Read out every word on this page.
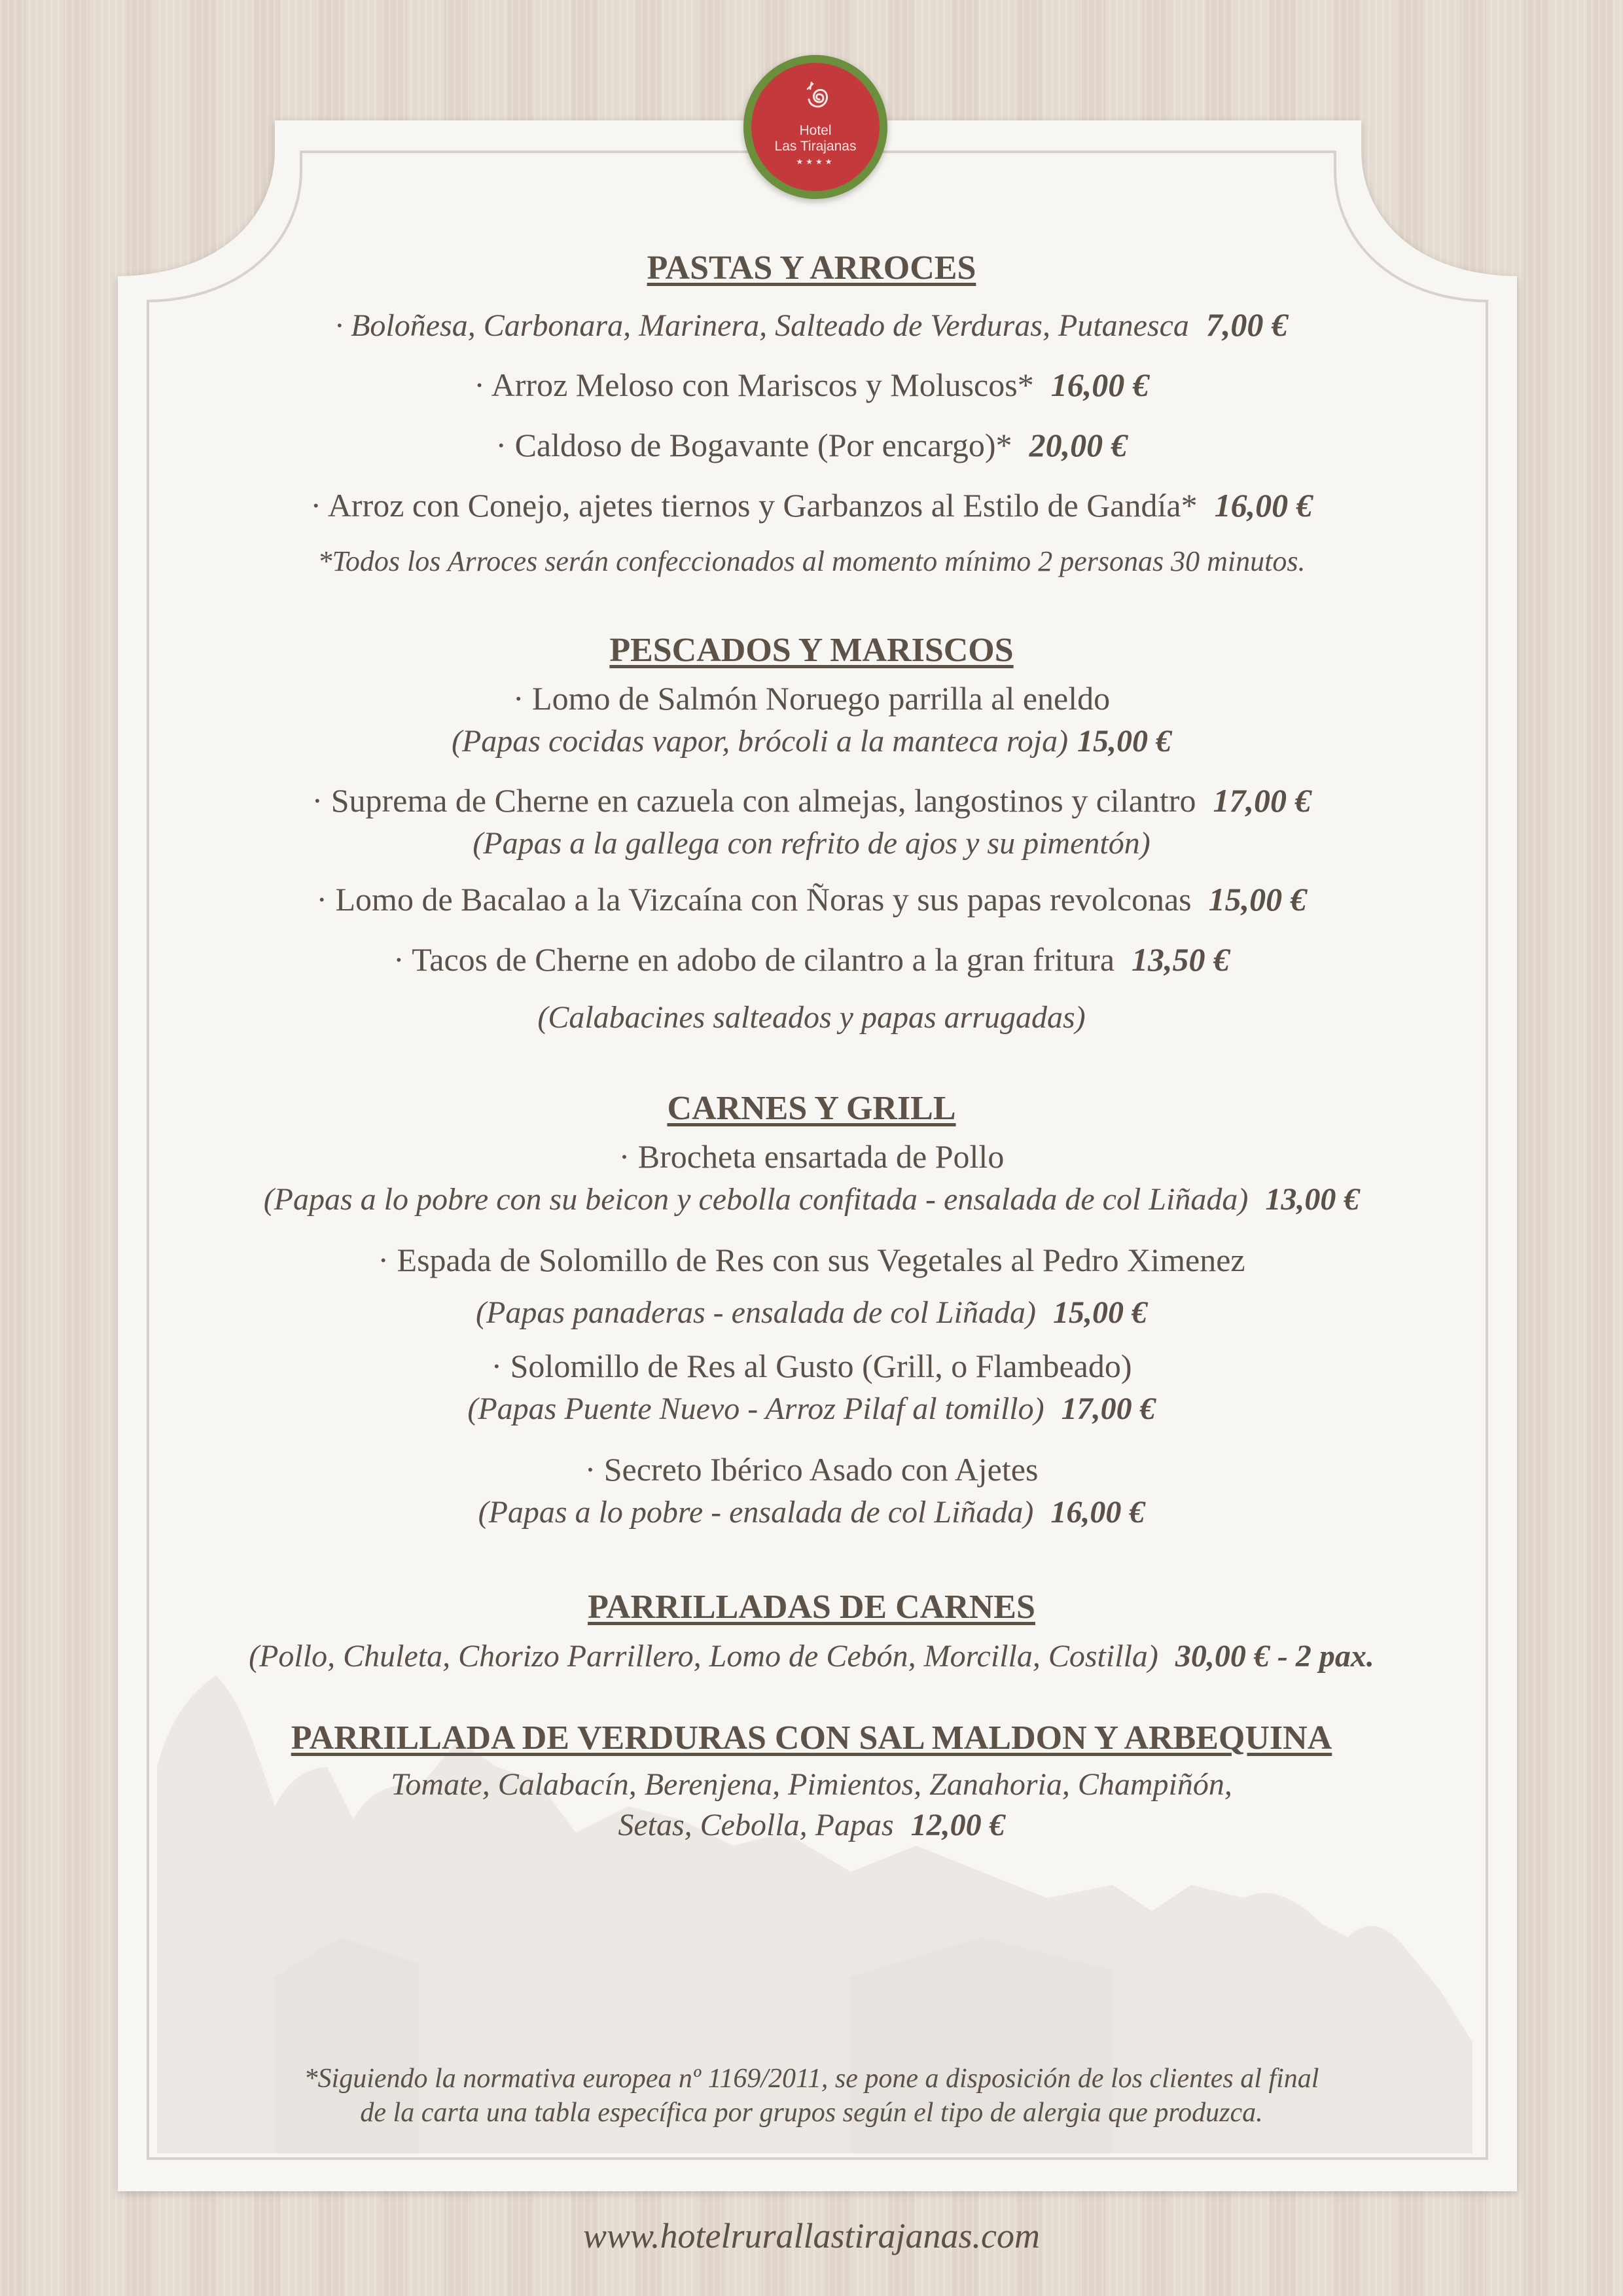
Hotel
Las Tirajanas
★★★★
PASTAS Y ARROCES
· Boloñesa, Carbonara, Marinera, Salteado de Verduras, Putanesca 7,00 €
· Arroz Meloso con Mariscos y Moluscos* 16,00 €
· Caldoso de Bogavante (Por encargo)* 20,00 €
· Arroz con Conejo, ajetes tiernos y Garbanzos al Estilo de Gandía* 16,00 €
*Todos los Arroces serán confeccionados al momento mínimo 2 personas 30 minutos.
PESCADOS Y MARISCOS
· Lomo de Salmón Noruego parrilla al eneldo
(Papas cocidas vapor, brócoli a la manteca roja) 15,00 €
· Suprema de Cherne en cazuela con almejas, langostinos y cilantro 17,00 €
(Papas a la gallega con refrito de ajos y su pimentón)
· Lomo de Bacalao a la Vizcaína con Ñoras y sus papas revolconas 15,00 €
· Tacos de Cherne en adobo de cilantro a la gran fritura 13,50 €
(Calabacines salteados y papas arrugadas)
CARNES Y GRILL
· Brocheta ensartada de Pollo
(Papas a lo pobre con su beicon y cebolla confitada - ensalada de col Liñada) 13,00 €
· Espada de Solomillo de Res con sus Vegetales al Pedro Ximenez
(Papas panaderas - ensalada de col Liñada) 15,00 €
· Solomillo de Res al Gusto (Grill, o Flambeado)
(Papas Puente Nuevo - Arroz Pilaf al tomillo) 17,00 €
· Secreto Ibérico Asado con Ajetes
(Papas a lo pobre - ensalada de col Liñada) 16,00 €
PARRILLADAS DE CARNES
(Pollo, Chuleta, Chorizo Parrillero, Lomo de Cebón, Morcilla, Costilla) 30,00 € - 2 pax.
PARRILLADA DE VERDURAS CON SAL MALDON Y ARBEQUINA
Tomate, Calabacín, Berenjena, Pimientos, Zanahoria, Champiñón,
Setas, Cebolla, Papas 12,00 €
*Siguiendo la normativa europea nº 1169/2011, se pone a disposición de los clientes al final
de la carta una tabla específica por grupos según el tipo de alergia que produzca.
www.hotelrurallastirajanas.com
